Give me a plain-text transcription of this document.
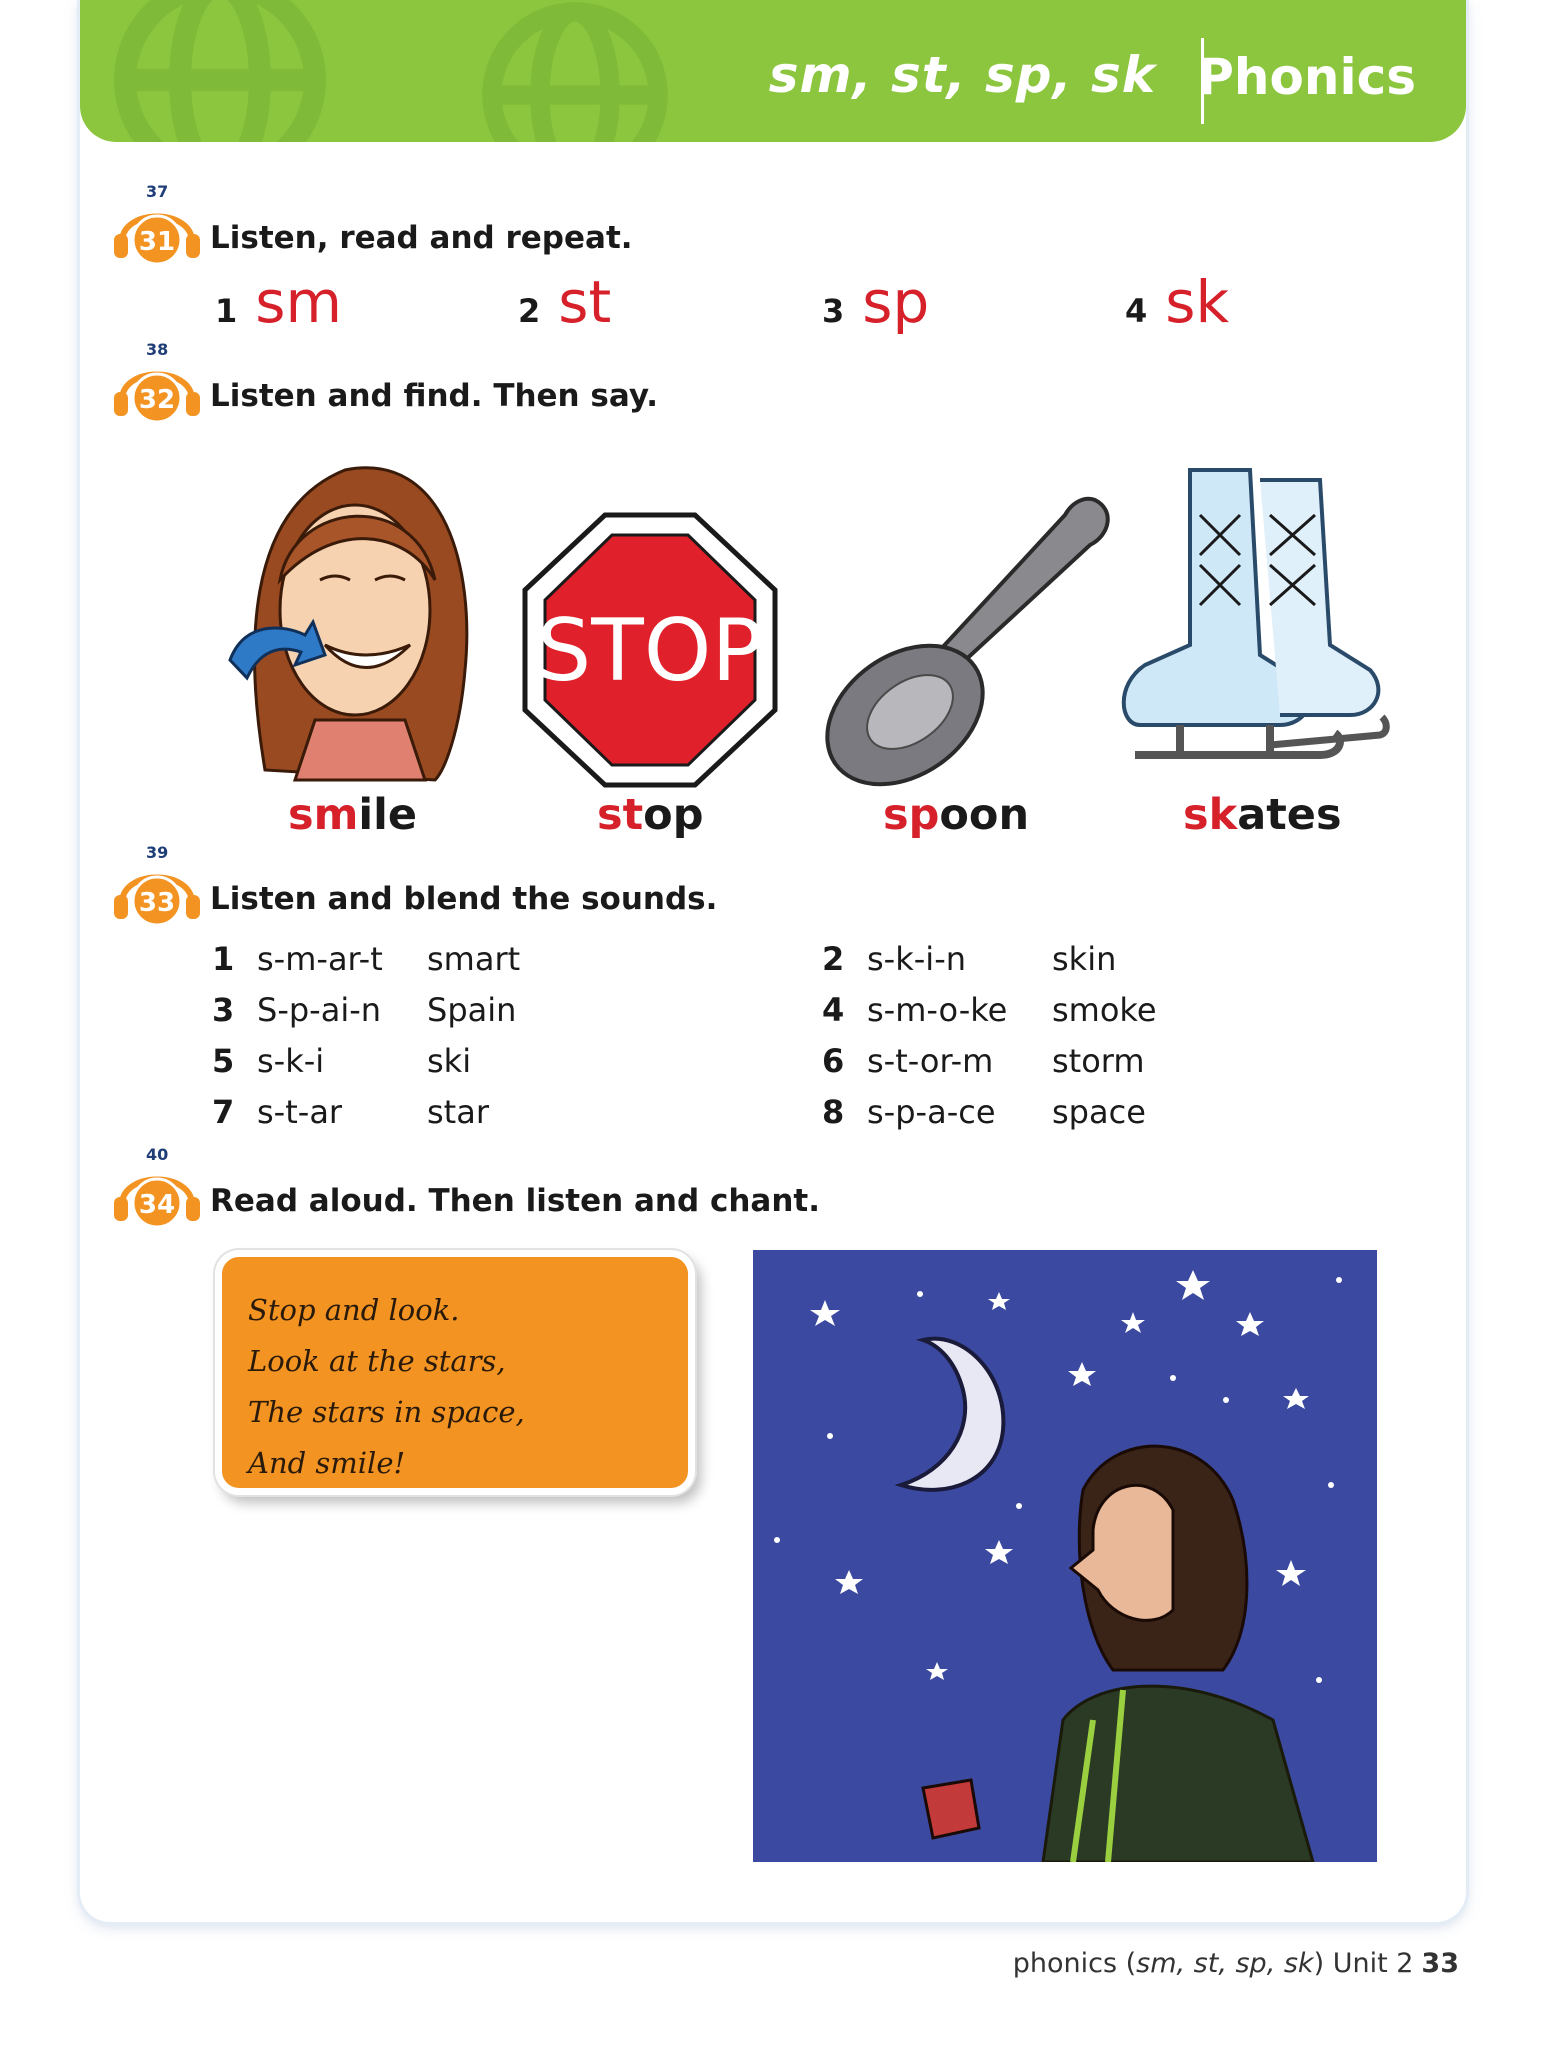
sm, st, sp, sk Phonics
37
31 Listen, read and repeat.
1 sm	2 st	3 sp	4 sk
38
32 Listen and find. Then say.
STOP
smile	stop	spoon	skates
39
33 Listen and blend the sounds.
1 s-m-ar-t smart	2 s-k-i-n	skin
3 S-p-ai-n Spain	4 s-m-o-ke smoke
5 s-k-i	ski	6 s-t-or-m storm
7 s-t-ar	star	8 s-p-a-ce space
40
34 Read aloud. Then listen and chant.
Stop and look.
Look at the stars,
The stars in space,
And smile!
phonics (sm, st, sp, sk) Unit 2 33
